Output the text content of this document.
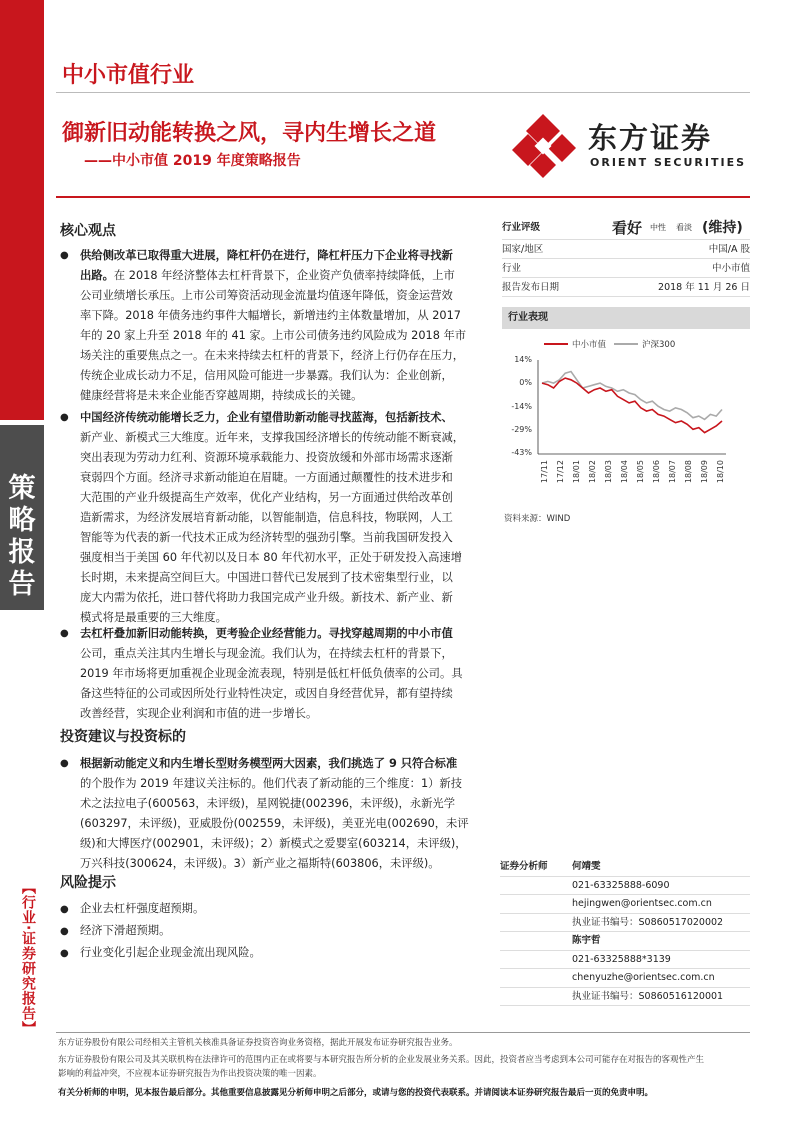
策
略
报
告
【行业·证券研究报告】
中小市值行业
御新旧动能转换之风，寻内生增长之道
——中小市值 2019 年度策略报告
东方证券
ORIENT SECURITIES
核心观点
● 供给侧改革已取得重大进展，降杠杆仍在进行，降杠杆压力下企业将寻找新
出路。在 2018 年经济整体去杠杆背景下，企业资产负债率持续降低，上市
公司业绩增长承压。上市公司筹资活动现金流量均值逐年降低，资金运营效
率下降。2018 年债务违约事件大幅增长，新增违约主体数量增加，从 2017
年的 20 家上升至 2018 年的 41 家。上市公司债务违约风险成为 2018 年市
场关注的重要焦点之一。在未来持续去杠杆的背景下，经济上行仍存在压力，
传统企业成长动力不足，信用风险可能进一步暴露。我们认为：企业创新，
健康经营将是未来企业能否穿越周期，持续成长的关键。
● 中国经济传统动能增长乏力，企业有望借助新动能寻找蓝海，包括新技术、
新产业、新模式三大维度。近年来，支撑我国经济增长的传统动能不断衰减，
突出表现为劳动力红利、资源环境承载能力、投资放缓和外部市场需求逐渐
衰弱四个方面。经济寻求新动能迫在眉睫。一方面通过颠覆性的技术进步和
大范围的产业升级提高生产效率，优化产业结构，另一方面通过供给改革创
造新需求，为经济发展培育新动能，以智能制造，信息科技，物联网，人工
智能等为代表的新一代技术正成为经济转型的强劲引擎。当前我国研发投入
强度相当于美国 60 年代初以及日本 80 年代初水平，正处于研发投入高速增
长时期，未来提高空间巨大。中国进口替代已发展到了技术密集型行业，以
庞大内需为依托，进口替代将助力我国完成产业升级。新技术、新产业、新
模式将是最重要的三大维度。
● 去杠杆叠加新旧动能转换，更考验企业经营能力。寻找穿越周期的中小市值
公司，重点关注其内生增长与现金流。我们认为，在持续去杠杆的背景下，
2019 年市场将更加重视企业现金流表现，特别是低杠杆低负债率的公司。具
备这些特征的公司或因所处行业特性决定，或因自身经营优异，都有望持续
改善经营，实现企业利润和市值的进一步增长。
投资建议与投资标的
● 根据新动能定义和内生增长型财务模型两大因素，我们挑选了 9 只符合标准
的个股作为 2019 年建议关注标的。他们代表了新动能的三个维度：1）新技
术之法拉电子(600563，未评级)，星网锐捷(002396，未评级)，永新光学
(603297，未评级)，亚威股份(002559，未评级)，美亚光电(002690，未评
级)和大博医疗(002901，未评级)；2）新模式之爱婴室(603214，未评级)，
万兴科技(300624，未评级)。3）新产业之福斯特(603806，未评级)。
风险提示
● 企业去杠杆强度超预期。
● 经济下滑超预期。
● 行业变化引起企业现金流出现风险。
行业评级	看好 中性 看淡 (维持)
国家/地区	中国/A 股
行业	中小市值
报告发布日期	2018 年 11 月 26 日
行业表现
中小市值	沪深300
14%
0%
-14%
-29%
-43%
17/11 17/12 18/01 18/02 18/03 18/04 18/05 18/06 18/07 18/08 18/09 18/10
资料来源：WIND
证券分析师	何靖雯
021-63325888-6090
hejingwen@orientsec.com.cn
执业证书编号：S0860517020002
陈宇哲
021-63325888*3139
chenyuzhe@orientsec.com.cn
执业证书编号：S0860516120001
东方证券股份有限公司经相关主管机关核准具备证券投资咨询业务资格，据此开展发布证券研究报告业务。
东方证券股份有限公司及其关联机构在法律许可的范围内正在或将要与本研究报告所分析的企业发展业务关系。因此，投资者应当考虑到本公司可能存在对报告的客观性产生
影响的利益冲突，不应视本证券研究报告为作出投资决策的唯一因素。
有关分析师的申明，见本报告最后部分。其他重要信息披露见分析师申明之后部分，或请与您的投资代表联系。并请阅读本证券研究报告最后一页的免责申明。
